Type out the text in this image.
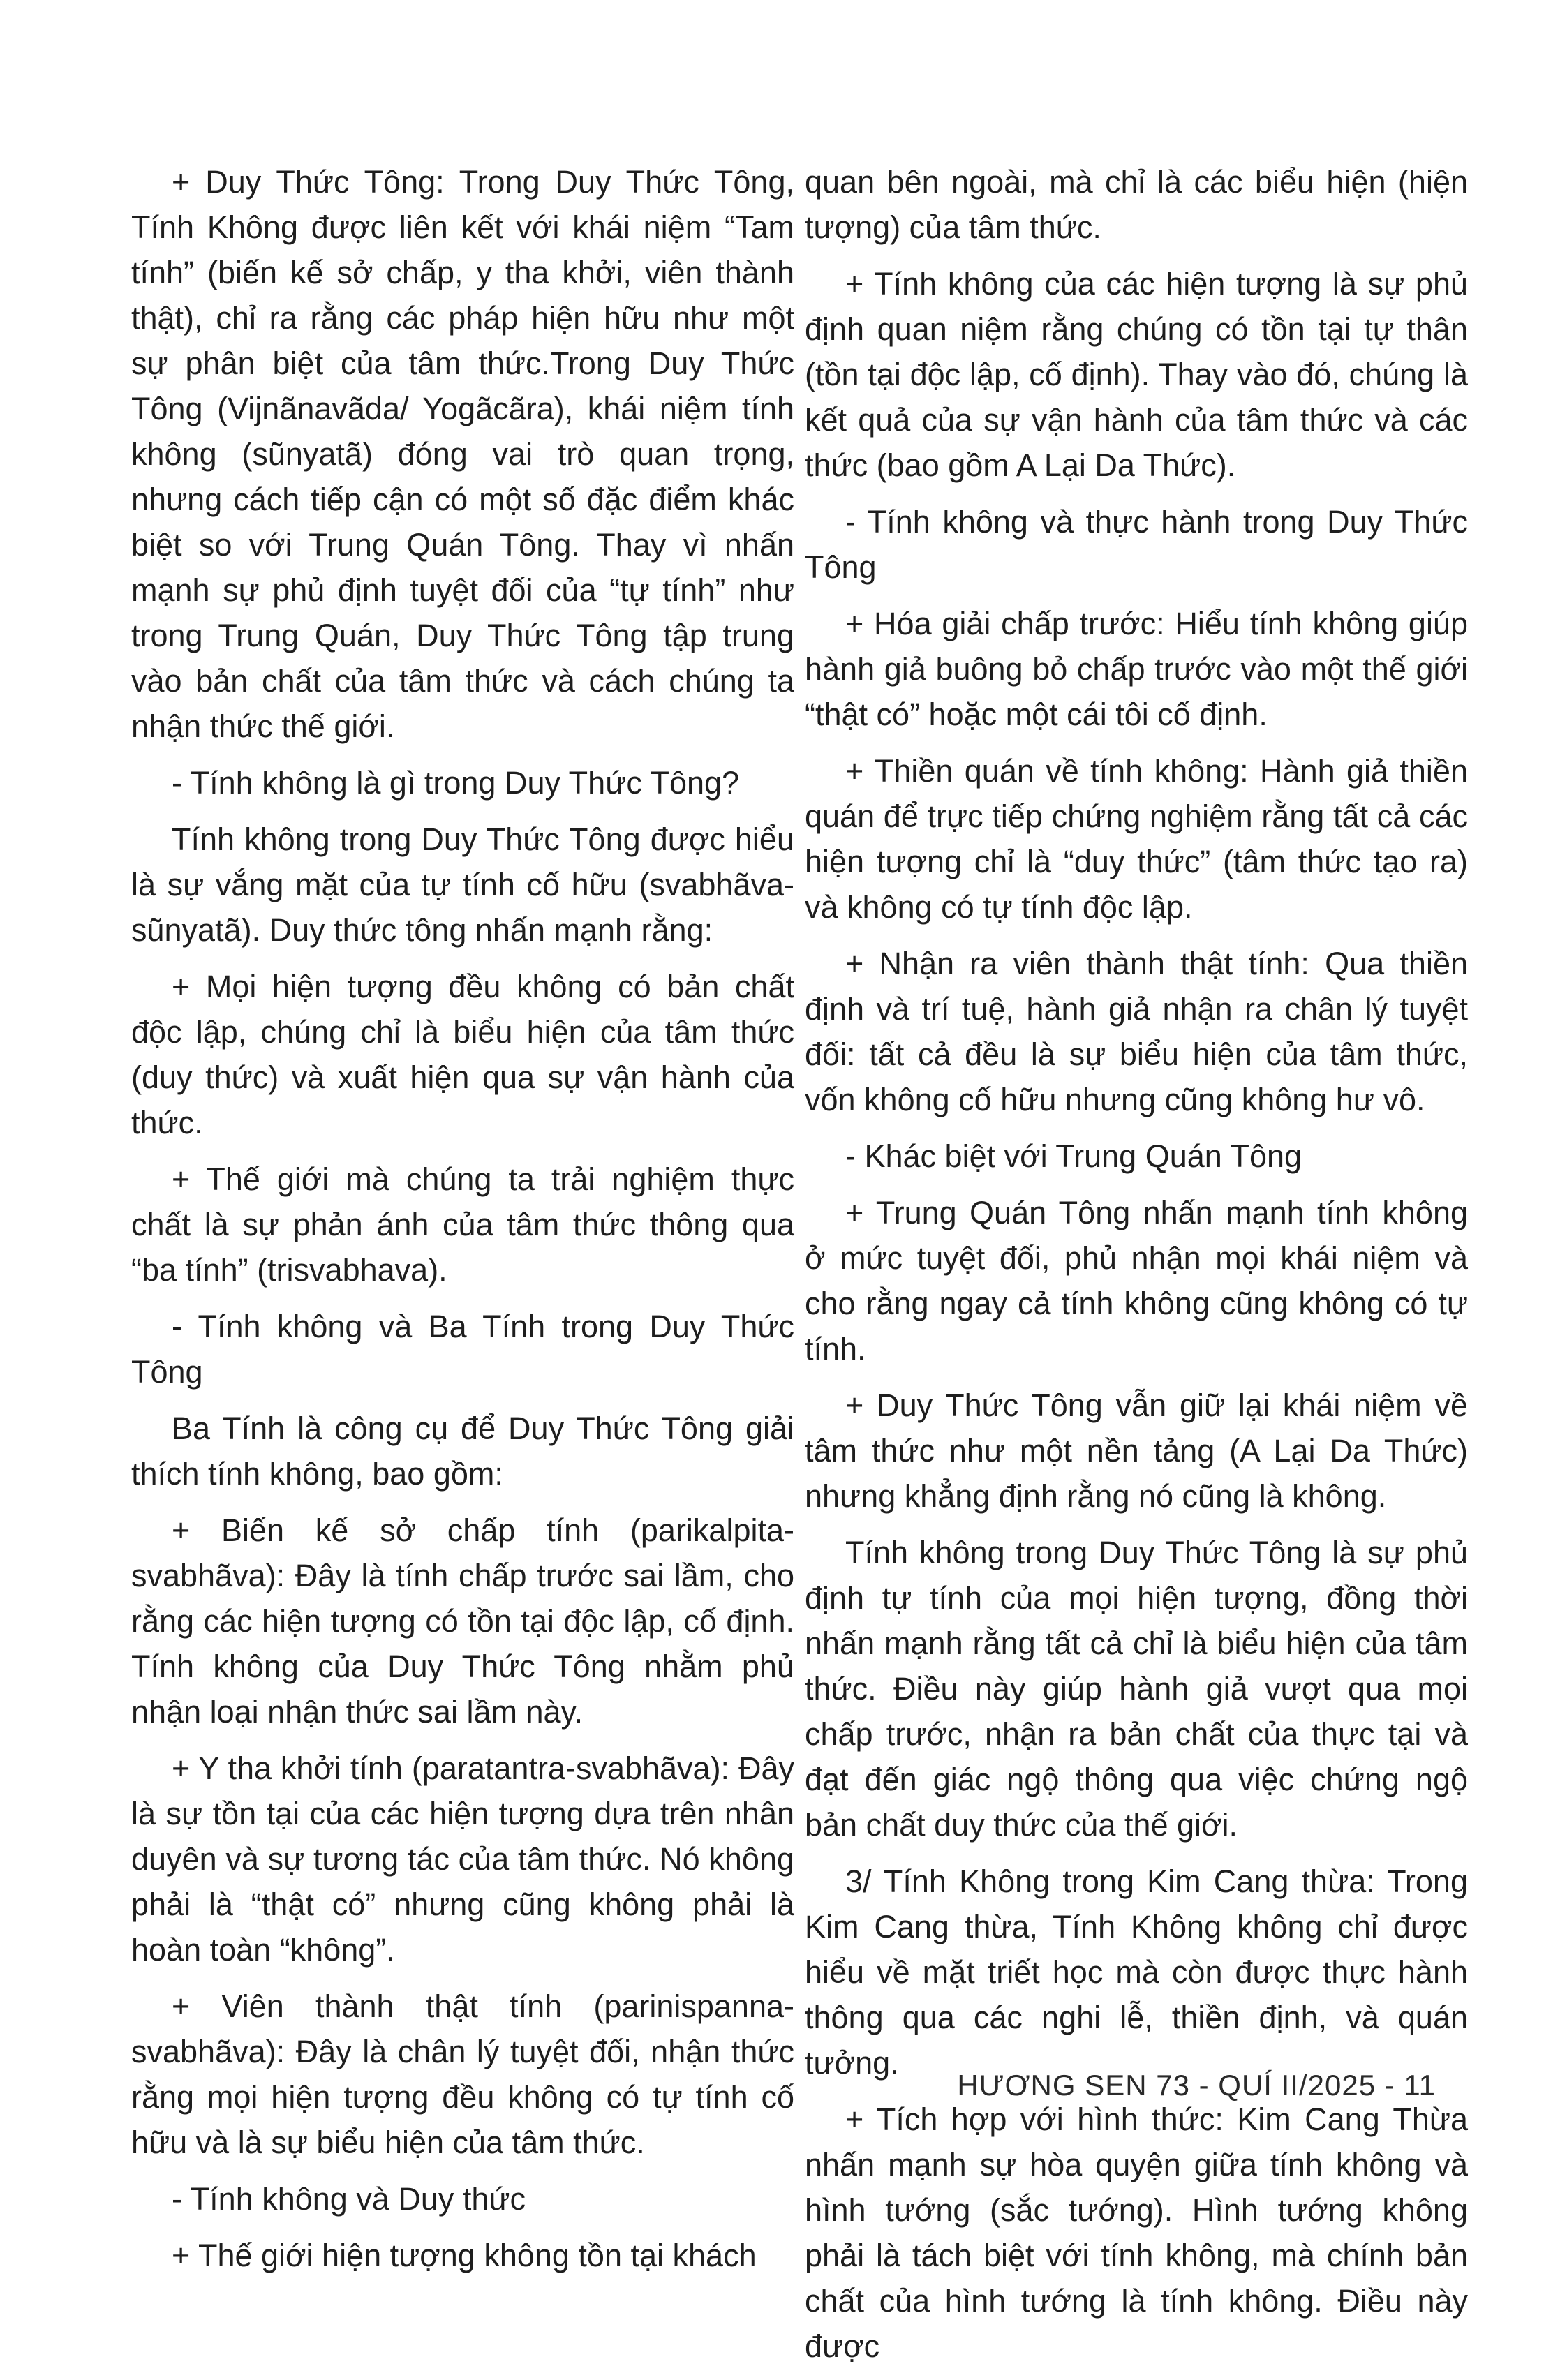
+ Duy Thức Tông: Trong Duy Thức Tông, Tính Không được liên kết với khái niệm “Tam tính” (biến kế sở chấp, y tha khởi, viên thành thật), chỉ ra rằng các pháp hiện hữu như một sự phân biệt của tâm thức.Trong Duy Thức Tông (Vijnãnavãda/ Yogãcãra), khái niệm tính không (sũnyatã) đóng vai trò quan trọng, nhưng cách tiếp cận có một số đặc điểm khác biệt so với Trung Quán Tông. Thay vì nhấn mạnh sự phủ định tuyệt đối của “tự tính” như trong Trung Quán, Duy Thức Tông tập trung vào bản chất của tâm thức và cách chúng ta nhận thức thế giới.

- Tính không là gì trong Duy Thức Tông?

Tính không trong Duy Thức Tông được hiểu là sự vắng mặt của tự tính cố hữu (svabhãva-sũnyatã). Duy thức tông nhấn mạnh rằng:

+ Mọi hiện tượng đều không có bản chất độc lập, chúng chỉ là biểu hiện của tâm thức (duy thức) và xuất hiện qua sự vận hành của thức.

+ Thế giới mà chúng ta trải nghiệm thực chất là sự phản ánh của tâm thức thông qua “ba tính” (trisvabhava).

- Tính không và Ba Tính trong Duy Thức Tông

Ba Tính là công cụ để Duy Thức Tông giải thích tính không, bao gồm:

+ Biến kế sở chấp tính (parikalpita-svabhãva): Đây là tính chấp trước sai lầm, cho rằng các hiện tượng có tồn tại độc lập, cố định. Tính không của Duy Thức Tông nhằm phủ nhận loại nhận thức sai lầm này.

+ Y tha khởi tính (paratantra-svabhãva): Đây là sự tồn tại của các hiện tượng dựa trên nhân duyên và sự tương tác của tâm thức. Nó không phải là “thật có” nhưng cũng không phải là hoàn toàn “không”.

+ Viên thành thật tính (parinispanna-svabhãva): Đây là chân lý tuyệt đối, nhận thức rằng mọi hiện tượng đều không có tự tính cố hữu và là sự biểu hiện của tâm thức.

- Tính không và Duy thức

+ Thế giới hiện tượng không tồn tại khách

quan bên ngoài, mà chỉ là các biểu hiện (hiện tượng) của tâm thức.

+ Tính không của các hiện tượng là sự phủ định quan niệm rằng chúng có tồn tại tự thân (tồn tại độc lập, cố định). Thay vào đó, chúng là kết quả của sự vận hành của tâm thức và các thức (bao gồm A Lại Da Thức).

- Tính không và thực hành trong Duy Thức Tông

+ Hóa giải chấp trước: Hiểu tính không giúp hành giả buông bỏ chấp trước vào một thế giới “thật có” hoặc một cái tôi cố định.

+ Thiền quán về tính không: Hành giả thiền quán để trực tiếp chứng nghiệm rằng tất cả các hiện tượng chỉ là “duy thức” (tâm thức tạo ra) và không có tự tính độc lập.

+ Nhận ra viên thành thật tính: Qua thiền định và trí tuệ, hành giả nhận ra chân lý tuyệt đối: tất cả đều là sự biểu hiện của tâm thức, vốn không cố hữu nhưng cũng không hư vô.

- Khác biệt với Trung Quán Tông

+ Trung Quán Tông nhấn mạnh tính không ở mức tuyệt đối, phủ nhận mọi khái niệm và cho rằng ngay cả tính không cũng không có tự tính.

+ Duy Thức Tông vẫn giữ lại khái niệm về tâm thức như một nền tảng (A Lại Da Thức) nhưng khẳng định rằng nó cũng là không.

Tính không trong Duy Thức Tông là sự phủ định tự tính của mọi hiện tượng, đồng thời nhấn mạnh rằng tất cả chỉ là biểu hiện của tâm thức. Điều này giúp hành giả vượt qua mọi chấp trước, nhận ra bản chất của thực tại và đạt đến giác ngộ thông qua việc chứng ngộ bản chất duy thức của thế giới.

3/ Tính Không trong Kim Cang thừa: Trong Kim Cang thừa, Tính Không không chỉ được hiểu về mặt triết học mà còn được thực hành thông qua các nghi lễ, thiền định, và quán tưởng.

+ Tích hợp với hình thức: Kim Cang Thừa nhấn mạnh sự hòa quyện giữa tính không và hình tướng (sắc tướng). Hình tướng không phải là tách biệt với tính không, mà chính bản chất của hình tướng là tính không. Điều này được

HƯƠNG SEN 73 - QUÍ II/2025 - 11
